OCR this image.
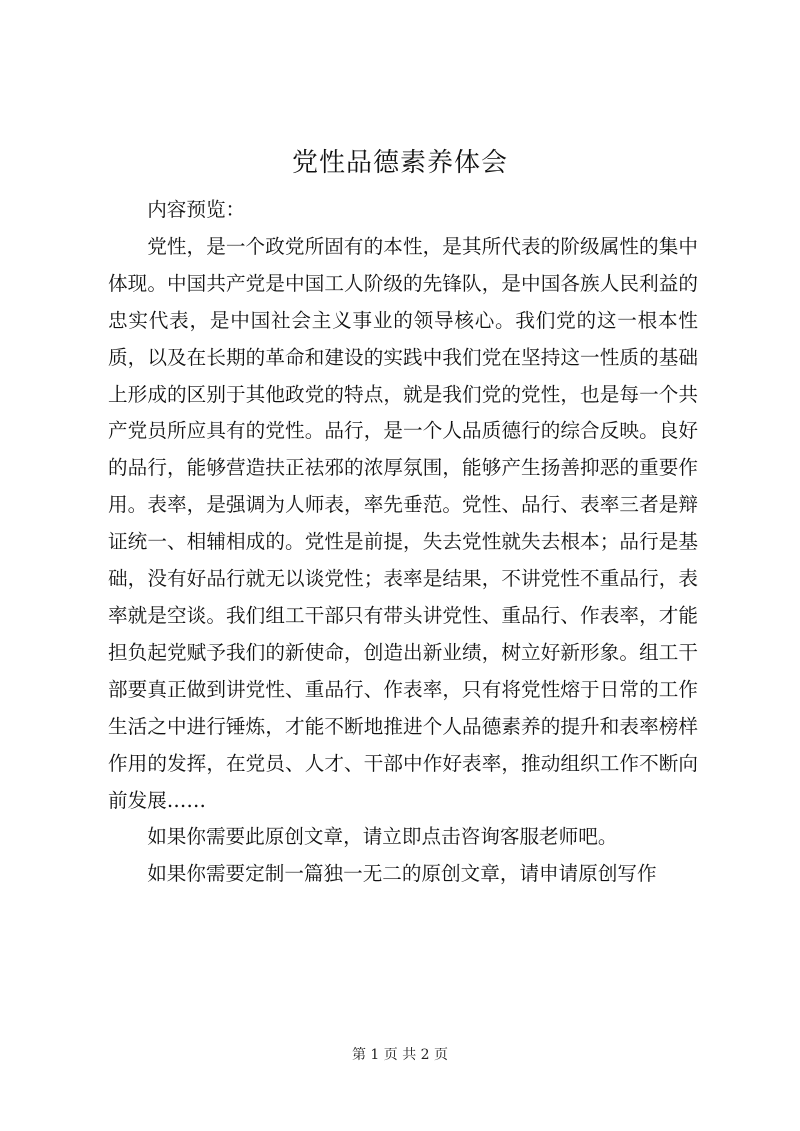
党性品德素养体会

内容预览：

党性，是一个政党所固有的本性，是其所代表的阶级属性的集中体现。中国共产党是中国工人阶级的先锋队，是中国各族人民利益的忠实代表，是中国社会主义事业的领导核心。我们党的这一根本性质，以及在长期的革命和建设的实践中我们党在坚持这一性质的基础上形成的区别于其他政党的特点，就是我们党的党性，也是每一个共产党员所应具有的党性。品行，是一个人品质德行的综合反映。良好的品行，能够营造扶正祛邪的浓厚氛围，能够产生扬善抑恶的重要作用。表率，是强调为人师表，率先垂范。党性、品行、表率三者是辩证统一、相辅相成的。党性是前提，失去党性就失去根本；品行是基础，没有好品行就无以谈党性；表率是结果，不讲党性不重品行，表率就是空谈。我们组工干部只有带头讲党性、重品行、作表率，才能担负起党赋予我们的新使命，创造出新业绩，树立好新形象。组工干部要真正做到讲党性、重品行、作表率，只有将党性熔于日常的工作生活之中进行锤炼，才能不断地推进个人品德素养的提升和表率榜样作用的发挥，在党员、人才、干部中作好表率，推动组织工作不断向前发展……

如果你需要此原创文章，请立即点击咨询客服老师吧。

如果你需要定制一篇独一无二的原创文章，请申请原创写作

第 1 页 共 2 页
